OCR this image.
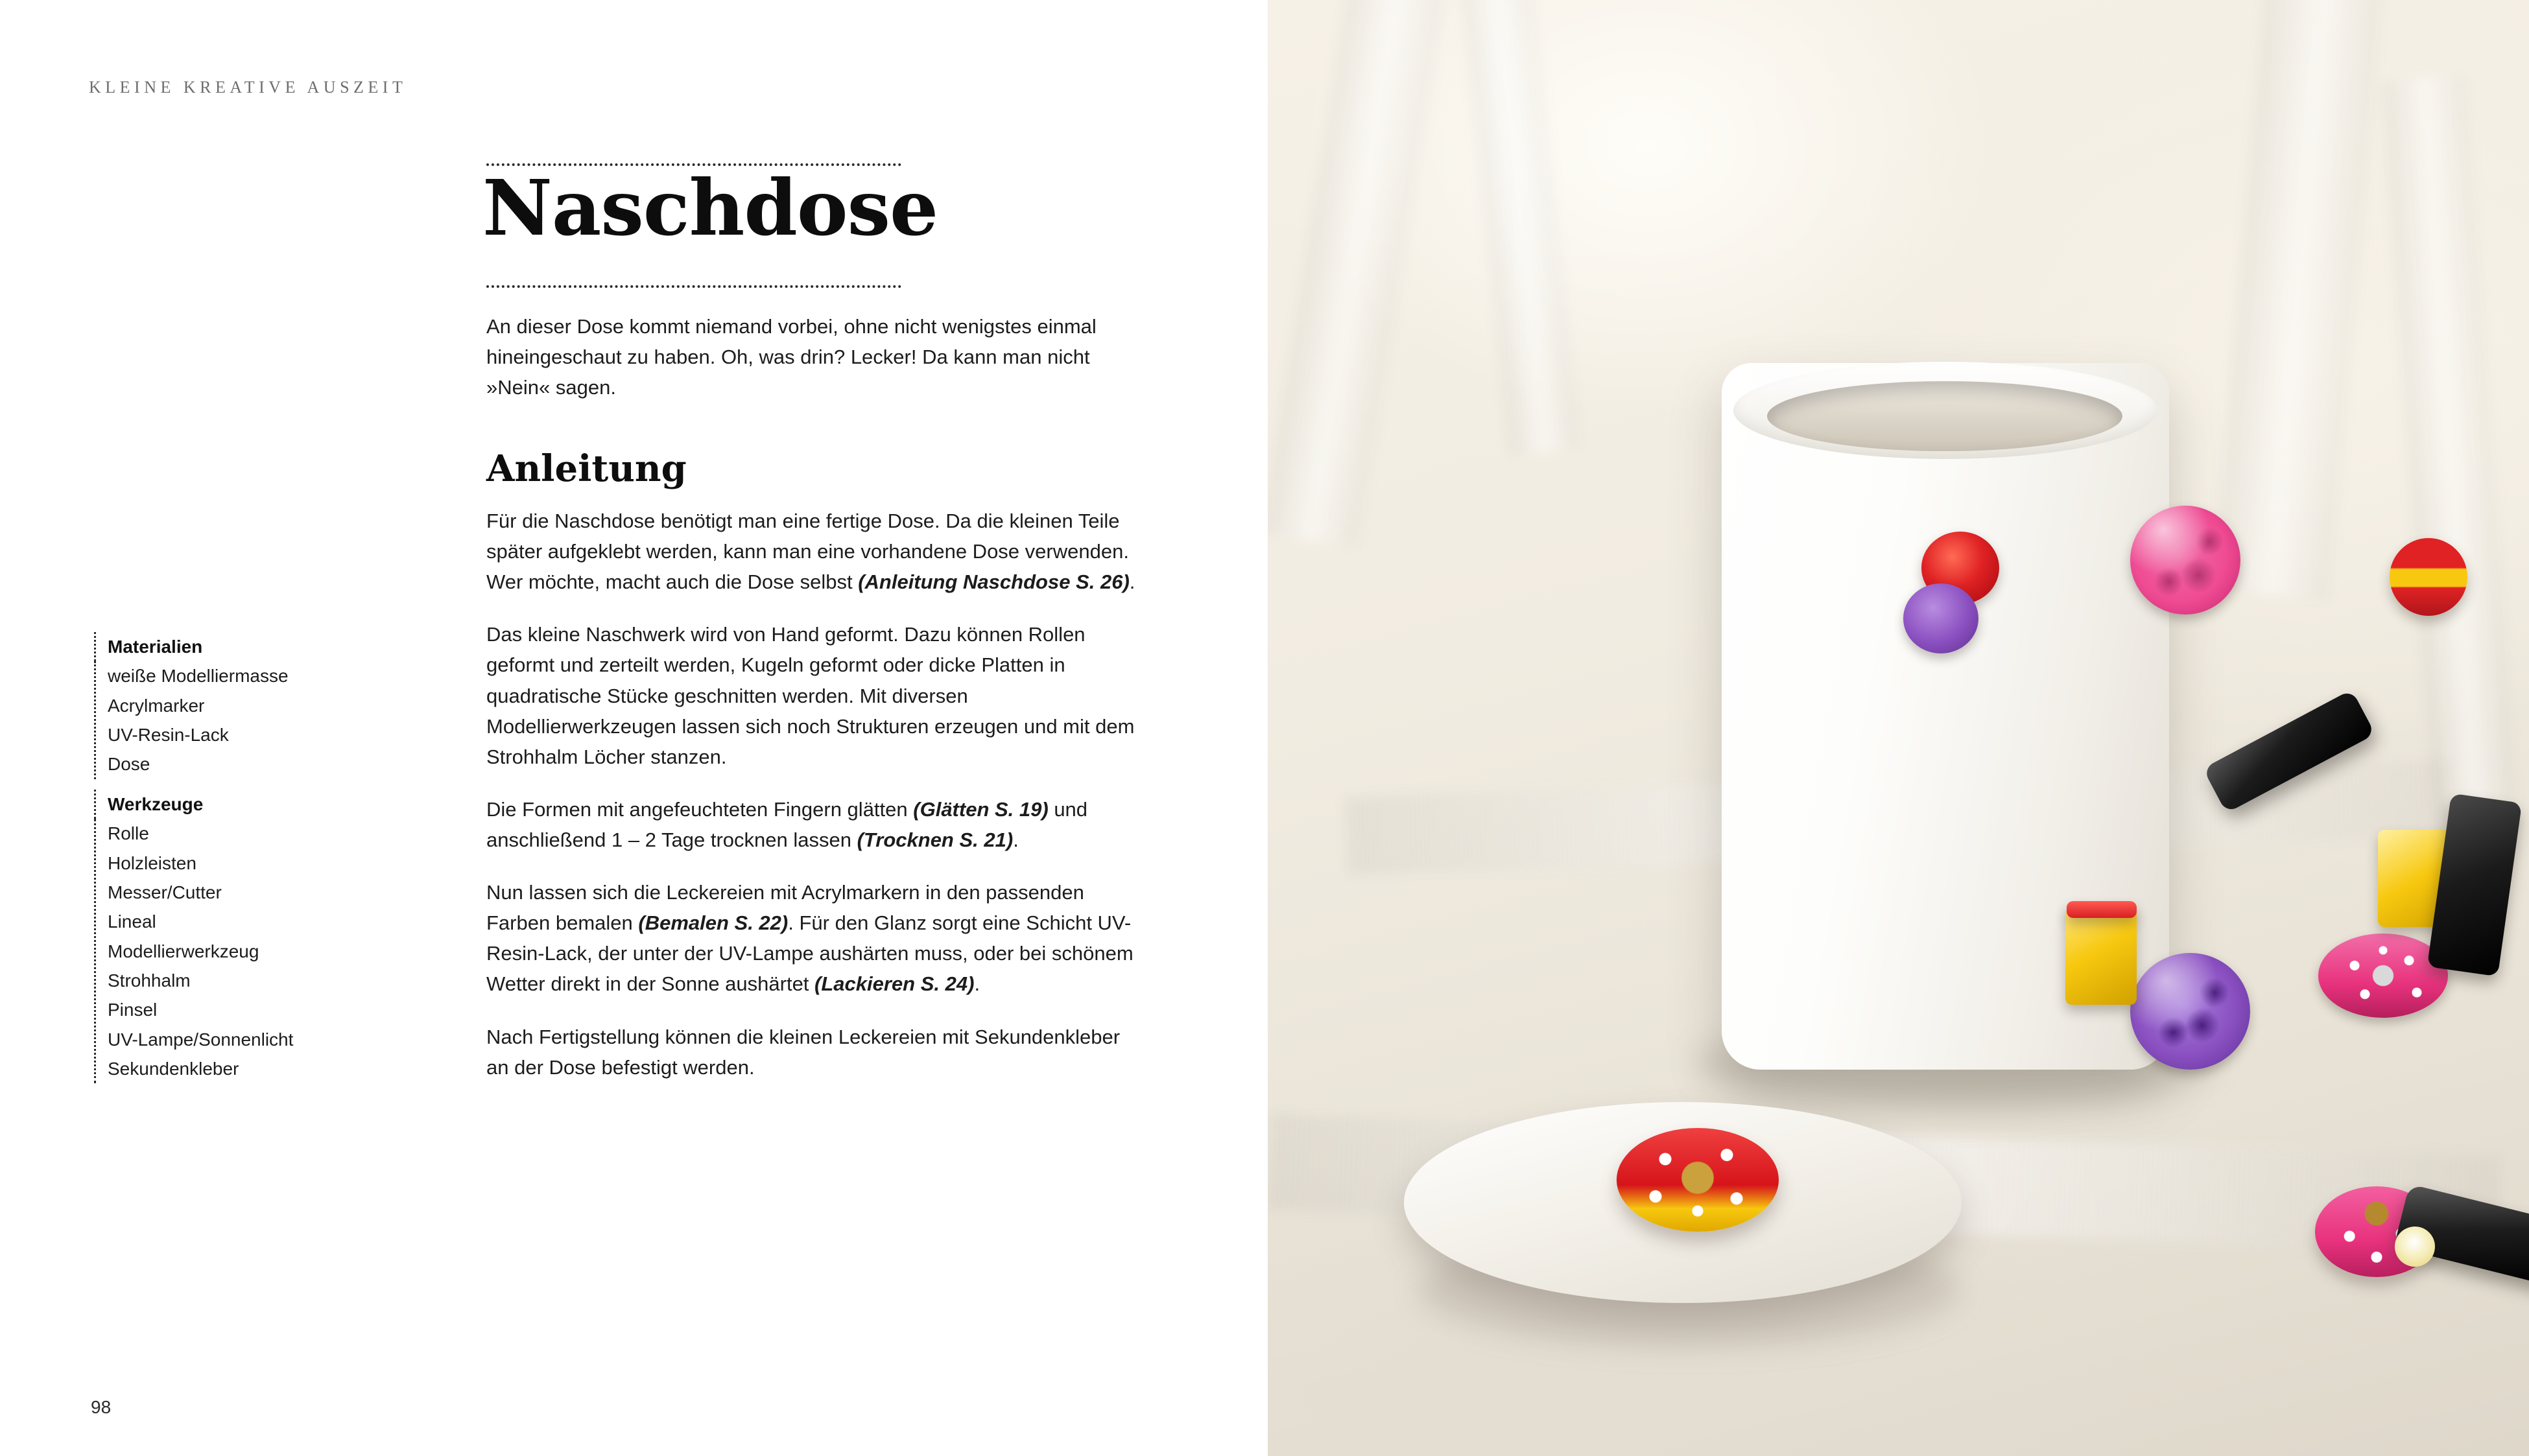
KLEINE KREATIVE AUSZEIT
Materialien
weiße Modelliermasse
Acrylmarker
UV-Resin-Lack
Dose
Werkzeuge
Rolle
Holzleisten
Messer/Cutter
Lineal
Modellierwerkzeug
Strohhalm
Pinsel
UV-Lampe/Sonnenlicht
Sekundenkleber
Naschdose
An dieser Dose kommt niemand vorbei, ohne nicht wenigstes einmal hineingeschaut zu haben. Oh, was drin? Lecker! Da kann man nicht »Nein« sagen.
Anleitung

Für die Naschdose benötigt man eine fertige Dose. Da die kleinen Teile später aufgeklebt werden, kann man eine vorhandene Dose verwenden. Wer möchte, macht auch die Dose selbst (Anleitung Naschdose S. 26).

Das kleine Naschwerk wird von Hand geformt. Dazu können Rollen geformt und zerteilt werden, Kugeln geformt oder dicke Platten in quadratische Stücke geschnitten werden. Mit diversen Modellierwerkzeugen lassen sich noch Strukturen erzeugen und mit dem Strohhalm Löcher stanzen.

Die Formen mit angefeuchteten Fingern glätten (Glätten S. 19) und anschließend 1 – 2 Tage trocknen lassen (Trocknen S. 21).

Nun lassen sich die Leckereien mit Acrylmarkern in den passenden Farben bemalen (Bemalen S. 22). Für den Glanz sorgt eine Schicht UV-Resin-Lack, der unter der UV-Lampe aushärten muss, oder bei schönem Wetter direkt in der Sonne aushärtet (Lackieren S. 24).

Nach Fertigstellung können die kleinen Leckereien mit Sekundenkleber an der Dose befestigt werden.

98
